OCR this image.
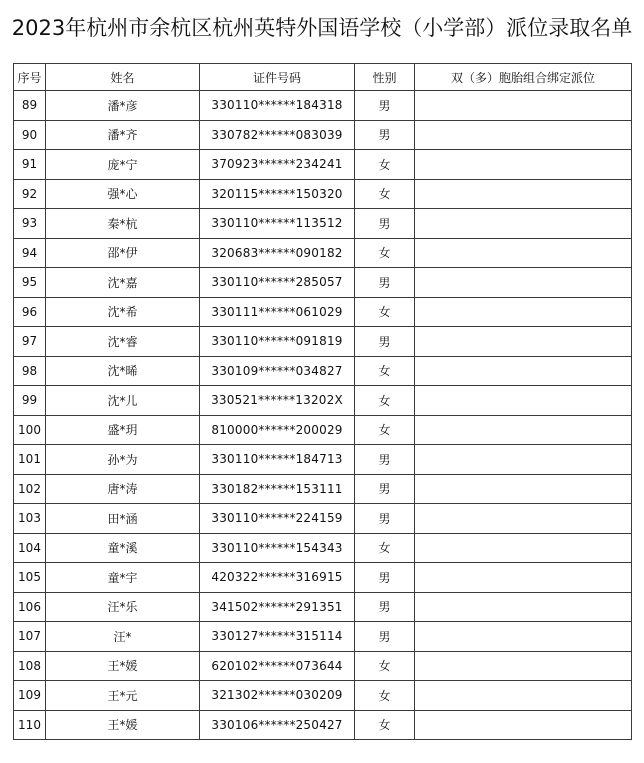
2023年杭州市余杭区杭州英特外国语学校（小学部）派位录取名单
序号	姓名	证件号码	性别	双（多）胞胎组合绑定派位
89	潘*彦	330110******184318	男	
90	潘*齐	330782******083039	男	
91	庞*宁	370923******234241	女	
92	强*心	320115******150320	女	
93	秦*杭	330110******113512	男	
94	邵*伊	320683******090182	女	
95	沈*嘉	330110******285057	男	
96	沈*希	330111******061029	女	
97	沈*睿	330110******091819	男	
98	沈*晞	330109******034827	女	
99	沈*儿	330521******13202X	女	
100	盛*玥	810000******200029	女	
101	孙*为	330110******184713	男	
102	唐*涛	330182******153111	男	
103	田*涵	330110******224159	男	
104	童*溪	330110******154343	女	
105	童*宇	420322******316915	男	
106	汪*乐	341502******291351	男	
107	汪*	330127******315114	男	
108	王*媛	620102******073644	女	
109	王*元	321302******030209	女	
110	王*媛	330106******250427	女	
